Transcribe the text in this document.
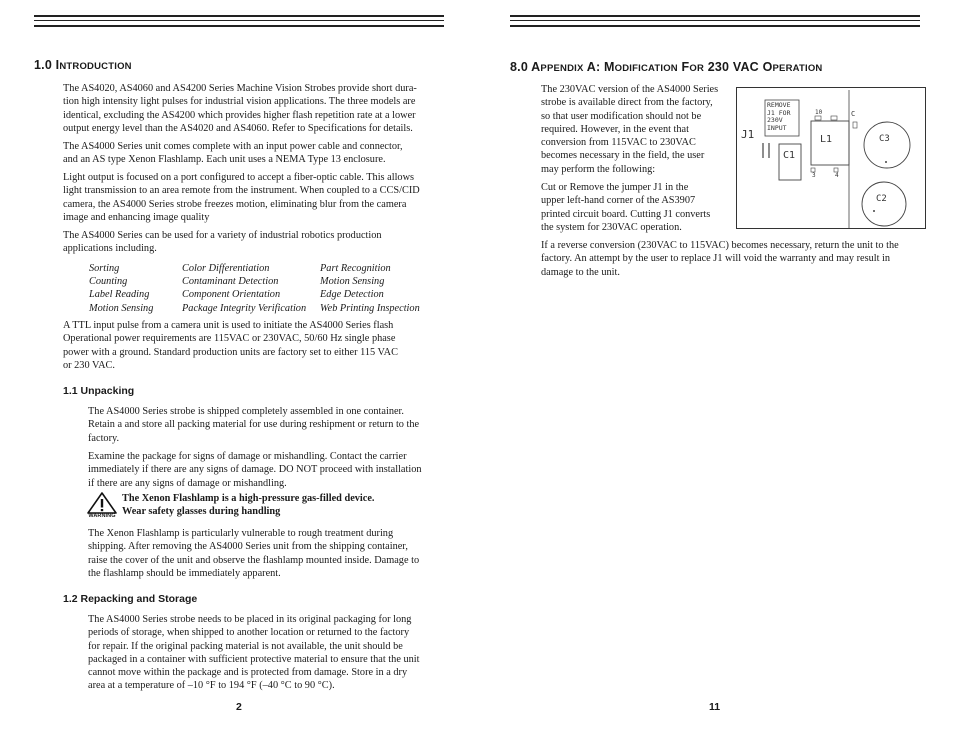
1.0 INTRODUCTION

The AS4020, AS4060 and AS4200 Series Machine Vision Strobes provide short dura-
tion high intensity light pulses for industrial vision applications. The three models are
identical, excluding the AS4200 which provides higher flash repetition rate at a lower
output energy level than the AS4020 and AS4060. Refer to Specifications for details.

The AS4000 Series unit comes complete with an input power cable and connector,
and an AS type Xenon Flashlamp. Each unit uses a NEMA Type 13 enclosure.

Light output is focused on a port configured to accept a fiber-optic cable. This allows
light transmission to an area remote from the instrument. When coupled to a CCS/CID
camera, the AS4000 Series strobe freezes motion, eliminating blur from the camera
image and enhancing image quality

The AS4000 Series can be used for a variety of industrial robotics production
applications including.

Sorting	Color Differentiation	Part Recognition
Counting	Contaminant Detection	Motion Sensing
Label Reading	Component Orientation	Edge Detection
Motion Sensing	Package Integrity Verification	Web Printing Inspection

A TTL input pulse from a camera unit is used to initiate the AS4000 Series flash
Operational power requirements are 115VAC or 230VAC, 50/60 Hz single phase
power with a ground. Standard production units are factory set to either 115 VAC
or 230 VAC.

1.1 Unpacking

The AS4000 Series strobe is shipped completely assembled in one container.
Retain a and store all packing material for use during reshipment or return to the
factory.

Examine the package for signs of damage or mishandling. Contact the carrier
immediately if there are any signs of damage. DO NOT proceed with installation
if there are any signs of damage or mishandling.

WARNING
The Xenon Flashlamp is a high-pressure gas-filled device.
Wear safety glasses during handling

The Xenon Flashlamp is particularly vulnerable to rough treatment during
shipping. After removing the AS4000 Series unit from the shipping container,
raise the cover of the unit and observe the flashlamp mounted inside. Damage to
the flashlamp should be immediately apparent.

1.2 Repacking and Storage

The AS4000 Series strobe needs to be placed in its original packaging for long
periods of storage, when shipped to another location or returned to the factory
for repair. If the original packing material is not available, the unit should be
packaged in a container with sufficient protective material to ensure that the unit
cannot move within the package and is protected from damage. Store in a dry
area at a temperature of –10 °F to 194 °F (–40 °C to 90 °C).

2
8.0 APPENDIX A: MODIFICATION FOR 230 VAC OPERATION

The 230VAC version of the AS4000 Series
strobe is available direct from the factory,
so that user modification should not be
required. However, in the event that
conversion from 115VAC to 230VAC
becomes necessary in the field, the user
may perform the following:

Cut or Remove the jumper J1 in the
upper left-hand corner of the AS3907
printed circuit board. Cutting J1 converts
the system for 230VAC operation.

If a reverse conversion (230VAC to 115VAC) becomes necessary, return the unit to the
factory. An attempt by the user to replace J1 will void the warranty and may result in
damage to the unit.

REMOVE
J1 FOR
230V
INPUT
J1
C1
L1	C3
C2
10
3	4
C
11
